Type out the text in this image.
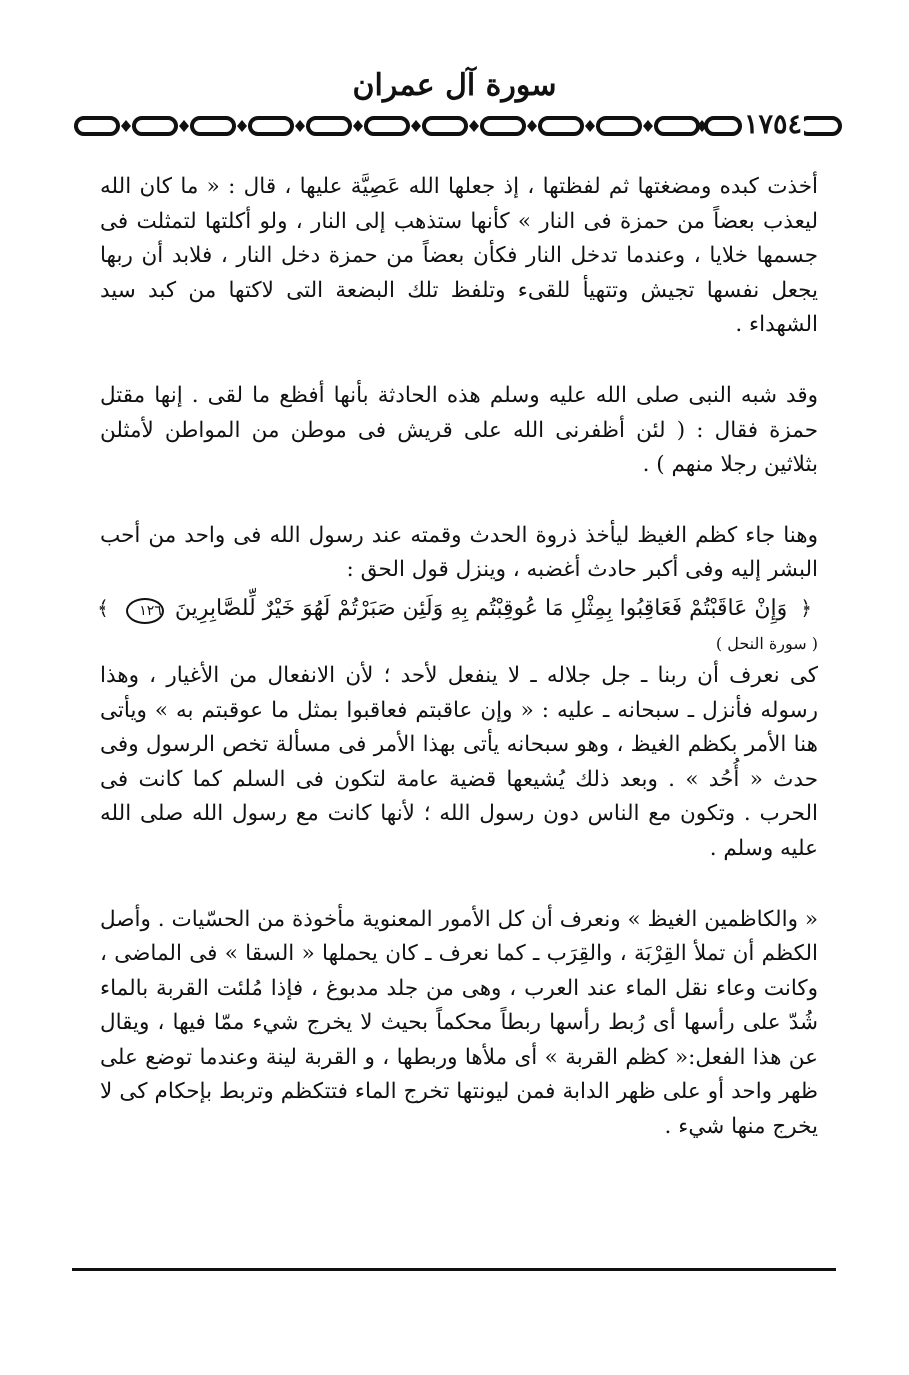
سورة آل عمران
١٧٥٤

أخذت كبده ومضغتها ثم لفظتها ، إذ جعلها الله عَصِيَّة عليها ، قال : « ما كان الله ليعذب بعضاً من حمزة فى النار » كأنها ستذهب إلى النار ، ولو أكلتها لتمثلت فى جسمها خلايا ، وعندما تدخل النار فكأن بعضاً من حمزة دخل النار ، فلابد أن ربها يجعل نفسها تجيش وتتهيأ للقىء وتلفظ تلك البضعة التى لاكتها من كبد سيد الشهداء .

وقد شبه النبى صلى الله عليه وسلم هذه الحادثة بأنها أفظع ما لقى . إنها مقتل حمزة فقال : ( لئن أظفرنى الله على قريش فى موطن من المواطن لأمثلن بثلاثين رجلا منهم ) .

وهنا جاء كظم الغيظ ليأخذ ذروة الحدث وقمته عند رسول الله فى واحد من أحب البشر إليه وفى أكبر حادث أغضبه ، وينزل قول الحق :

﴿ وَإِنْ عَاقَبْتُمْ فَعَاقِبُوا بِمِثْلِ مَا عُوقِبْتُم بِهِ وَلَئِن صَبَرْتُمْ لَهُوَ خَيْرٌ لِّلصَّابِرِينَ ١٢٦ ﴾

( سورة النحل )

كى نعرف أن ربنا ـ جل جلاله ـ لا ينفعل لأحد ؛ لأن الانفعال من الأغيار ، وهذا رسوله فأنزل ـ سبحانه ـ عليه : « وإن عاقبتم فعاقبوا بمثل ما عوقبتم به » ويأتى هنا الأمر بكظم الغيظ ، وهو سبحانه يأتى بهذا الأمر فى مسألة تخص الرسول وفى حدث « أُحُد » . وبعد ذلك يُشيعها قضية عامة لتكون فى السلم كما كانت فى الحرب . وتكون مع الناس دون رسول الله ؛ لأنها كانت مع رسول الله صلى الله عليه وسلم .

« والكاظمين الغيظ » ونعرف أن كل الأمور المعنوية مأخوذة من الحسّيات . وأصل الكظم أن تملأ القِرْبَة ، والقِرَب ـ كما نعرف ـ كان يحملها « السقا » فى الماضى ، وكانت وعاء نقل الماء عند العرب ، وهى من جلد مدبوغ ، فإذا مُلئت القربة بالماء شُدّ على رأسها أى رُبط رأسها ربطاً محكماً بحيث لا يخرج شيء ممّا فيها ، ويقال عن هذا الفعل:« كظم القربة » أى ملأها وربطها ، و القربة لينة وعندما توضع على ظهر واحد أو على ظهر الدابة فمن ليونتها تخرج الماء فتتكظم وتربط بإحكام كى لا يخرج منها شيء .
